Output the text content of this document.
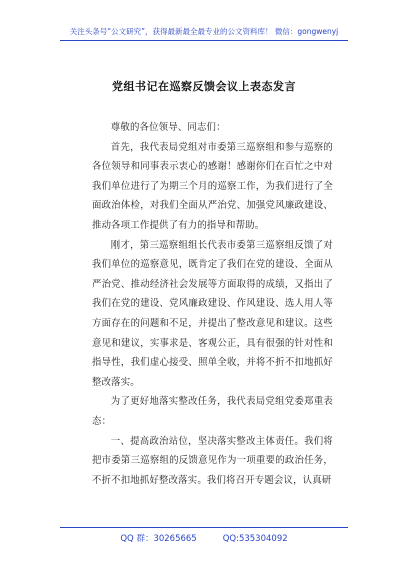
关注头条号“公文研究”，获得最新最全最专业的公文资料库！ 微信：gongwenyj
党组书记在巡察反馈会议上表态发言

尊敬的各位领导、同志们：

首先，我代表局党组对市委第三巡察组和参与巡察的各位领导和同事表示衷心的感谢！感谢你们在百忙之中对我们单位进行了为期三个月的巡察工作，为我们进行了全面政治体检，对我们全面从严治党、加强党风廉政建设、推动各项工作提供了有力的指导和帮助。

刚才，第三巡察组组长代表市委第三巡察组反馈了对我们单位的巡察意见，既肯定了我们在党的建设、全面从严治党、推动经济社会发展等方面取得的成绩，又指出了我们在党的建设、党风廉政建设、作风建设、选人用人等方面存在的问题和不足，并提出了整改意见和建议。这些意见和建议，实事求是、客观公正，具有很强的针对性和指导性，我们虚心接受、照单全收，并将不折不扣地抓好整改落实。

为了更好地落实整改任务，我代表局党组党委郑重表态：

一、提高政治站位，坚决落实整改主体责任。我们将把市委第三巡察组的反馈意见作为一项重要的政治任务，不折不扣地抓好整改落实。我们将召开专题会议，认真研

QQ 群：30265665	QQ:535304092
